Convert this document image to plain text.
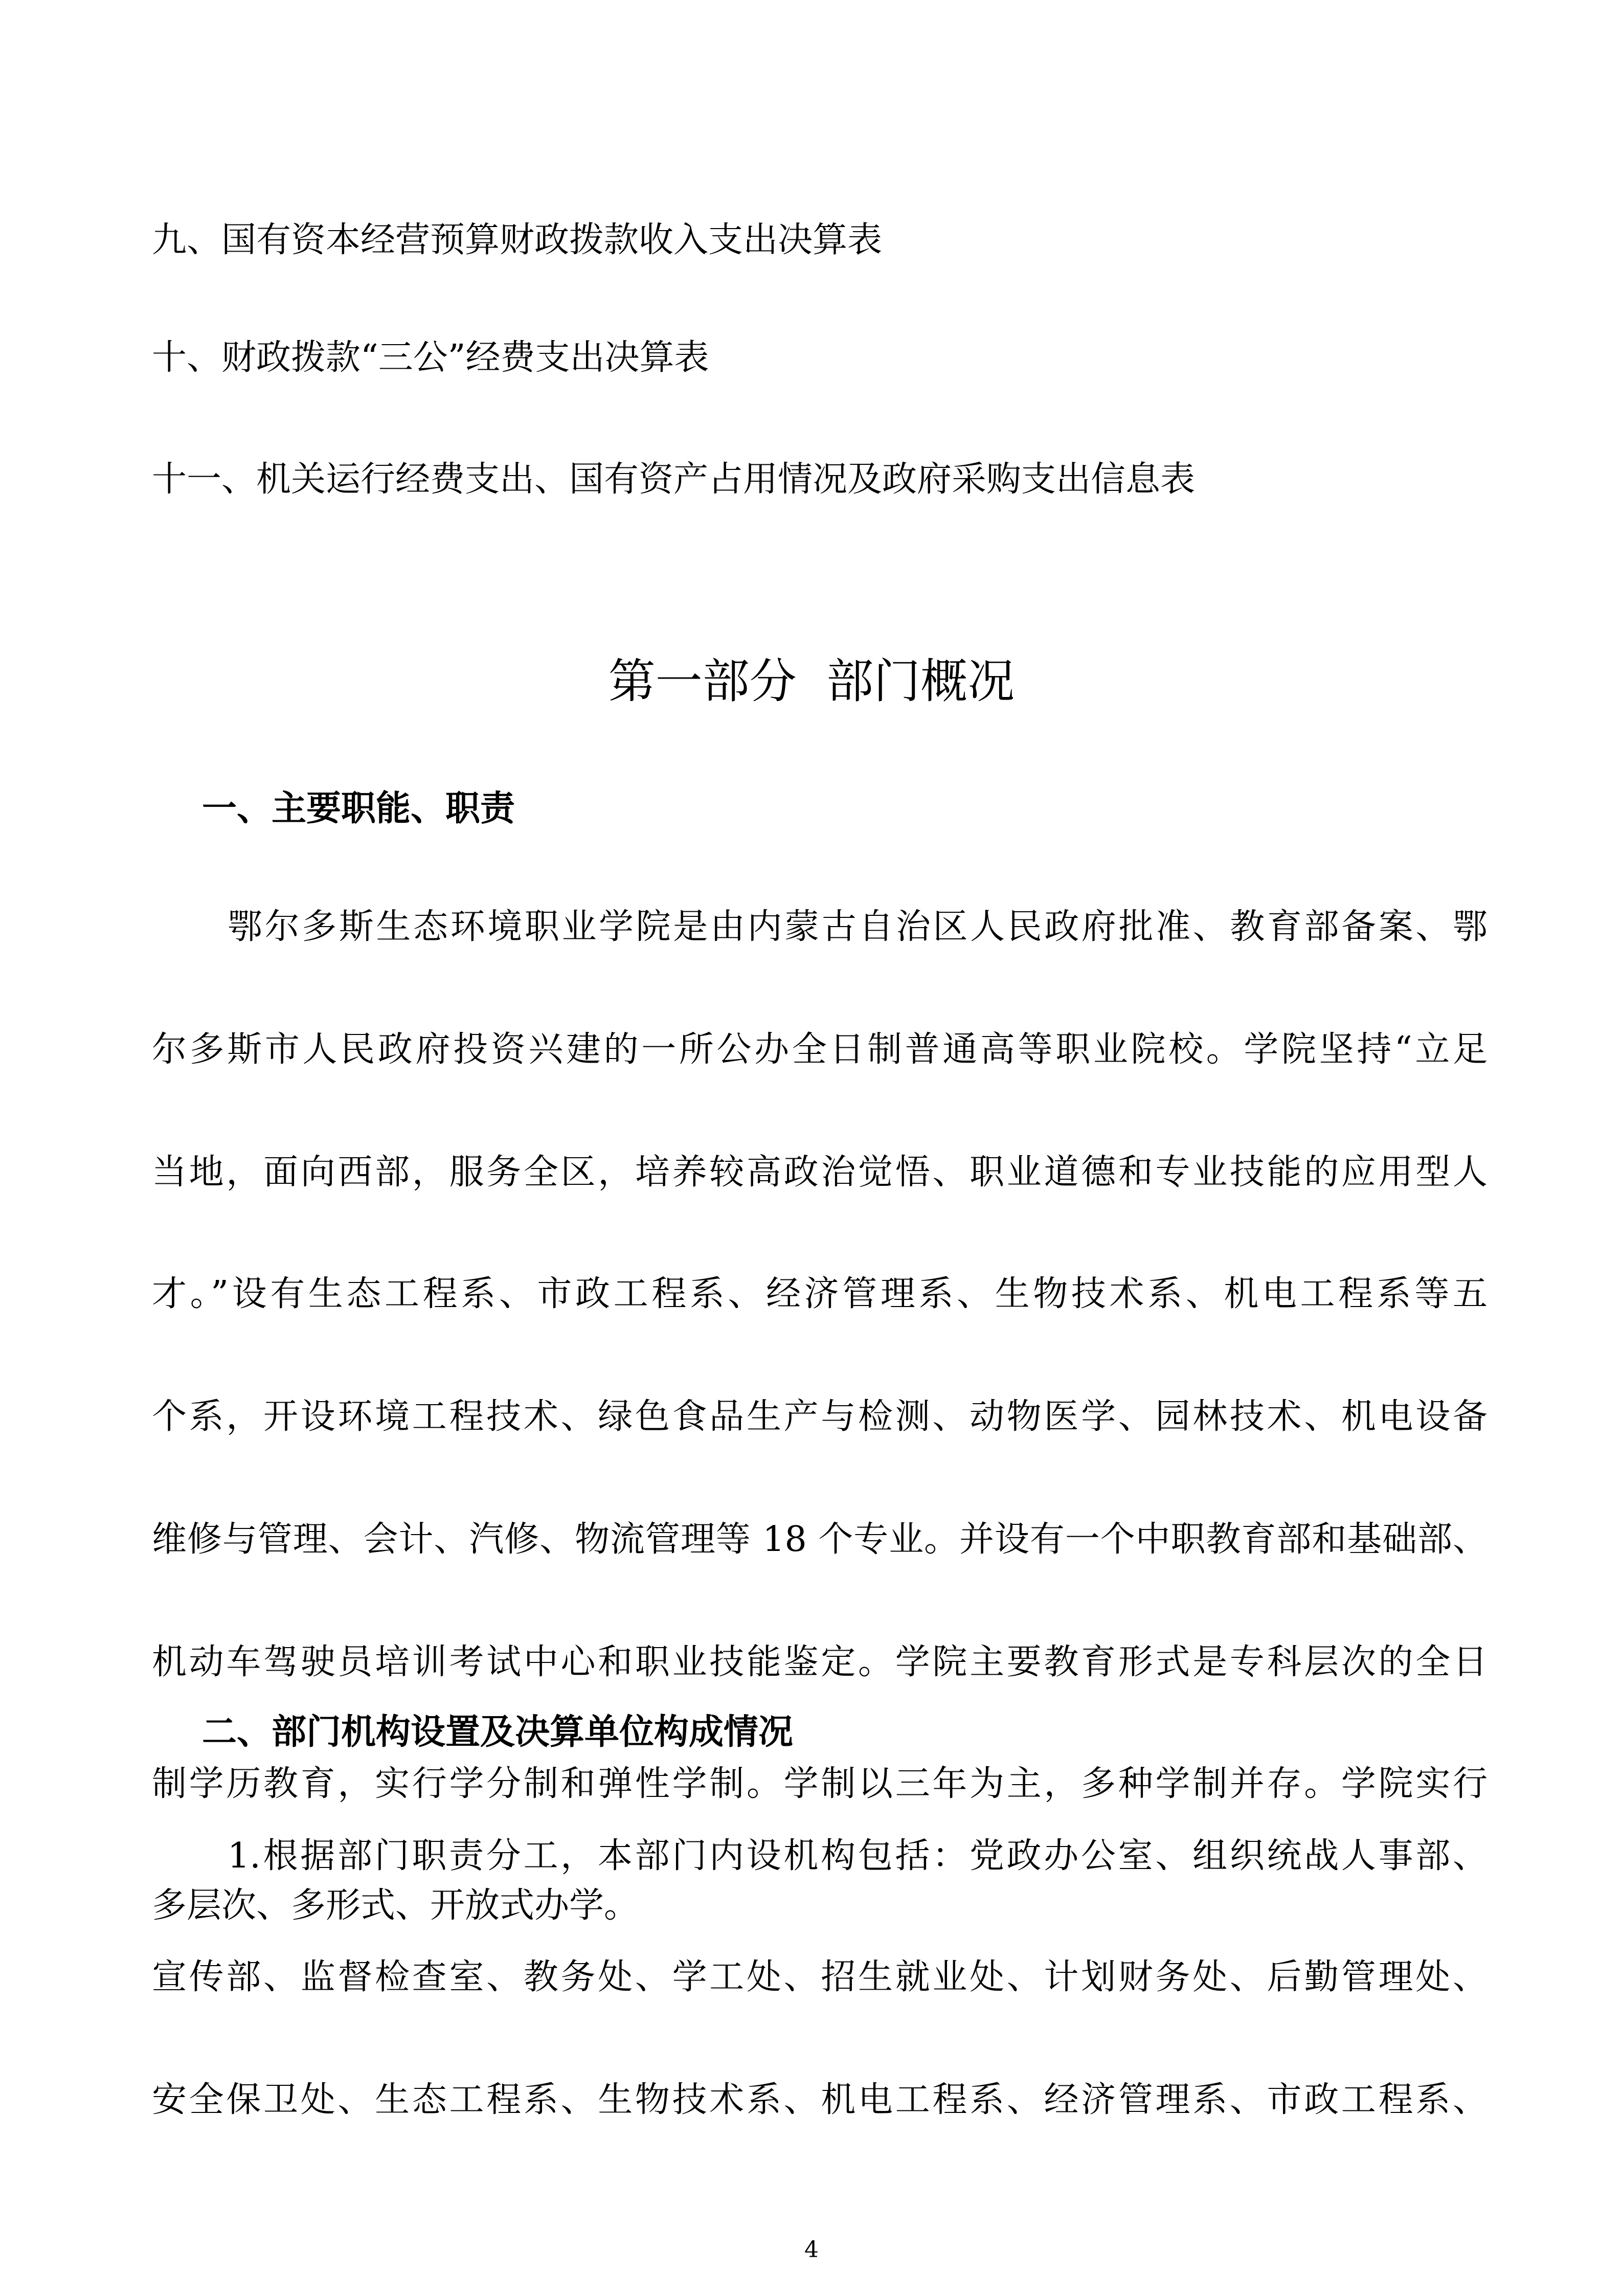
九、国有资本经营预算财政拨款收入支出决算表
十、财政拨款“三公”经费支出决算表
十一、机关运行经费支出、国有资产占用情况及政府采购支出信息表
第一部分  部门概况
一、主要职能、职责
鄂尔多斯生态环境职业学院是由内蒙古自治区人民政府批准、教育部备案、鄂
尔多斯市人民政府投资兴建的一所公办全日制普通高等职业院校。学院坚持“立足
当地，面向西部，服务全区，培养较高政治觉悟、职业道德和专业技能的应用型人
才。”设有生态工程系、市政工程系、经济管理系、生物技术系、机电工程系等五
个系，开设环境工程技术、绿色食品生产与检测、动物医学、园林技术、机电设备
维修与管理、会计、汽修、物流管理等 18 个专业。并设有一个中职教育部和基础部、
机动车驾驶员培训考试中心和职业技能鉴定。学院主要教育形式是专科层次的全日
制学历教育，实行学分制和弹性学制。学制以三年为主，多种学制并存。学院实行
多层次、多形式、开放式办学。
二、部门机构设置及决算单位构成情况
1.根据部门职责分工，本部门内设机构包括：党政办公室、组织统战人事部、
宣传部、监督检查室、教务处、学工处、招生就业处、计划财务处、后勤管理处、
安全保卫处、生态工程系、生物技术系、机电工程系、经济管理系、市政工程系、
4
